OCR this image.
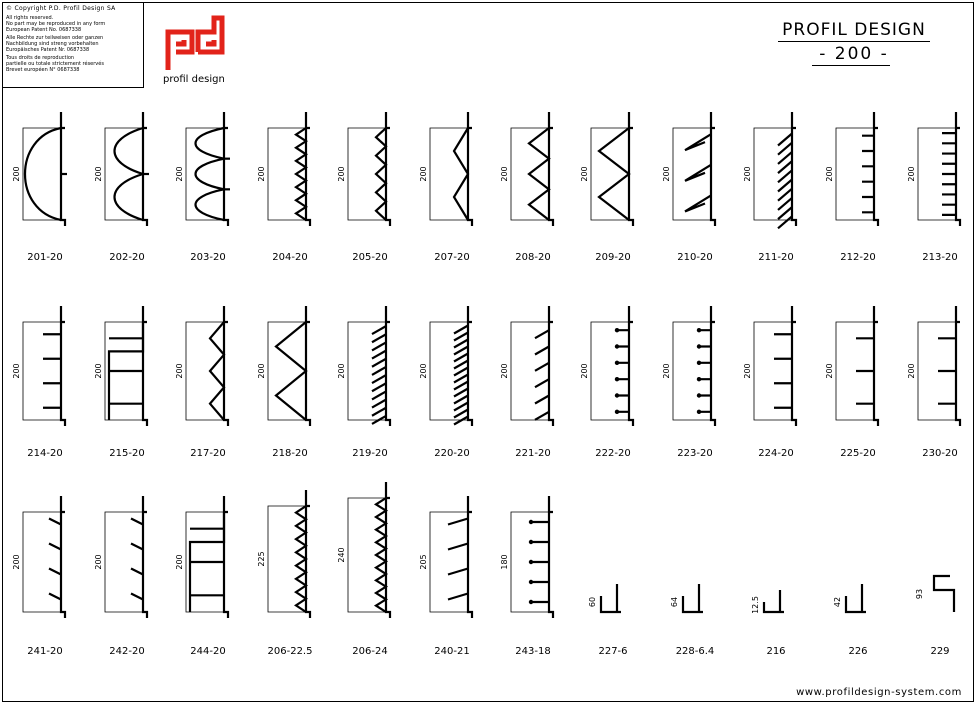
© Copyright P.D. Profil Design SA
All rights reserved.
No part may be reproduced in any form
European Patent No. 0687338
Alle Rechte zur teilweisen oder ganzen
Nachbildung sind streng vorbehalten
Europäisches Patent Nr. 0687338
Tous droits de reproduction
partielle ou totale strictement réservés
Brevet européen N° 0687338
profil design
PROFIL DESIGN
- 200 -
200
201-20
200
202-20
200
203-20
200
204-20
200
205-20
200
207-20
200
208-20
200
209-20
200
210-20
200
211-20
200
212-20
200
213-20
200
214-20
200
215-20
200
217-20
200
218-20
200
219-20
200
220-20
200
221-20
200
222-20
200
223-20
200
224-20
200
225-20
200
230-20
200
241-20
200
242-20
200
244-20
225
206-22.5
240
206-24
205
240-21
180
243-18
60
227-6
64
228-6.4
12.5
216
42
226
93
229
www.profildesign-system.com
